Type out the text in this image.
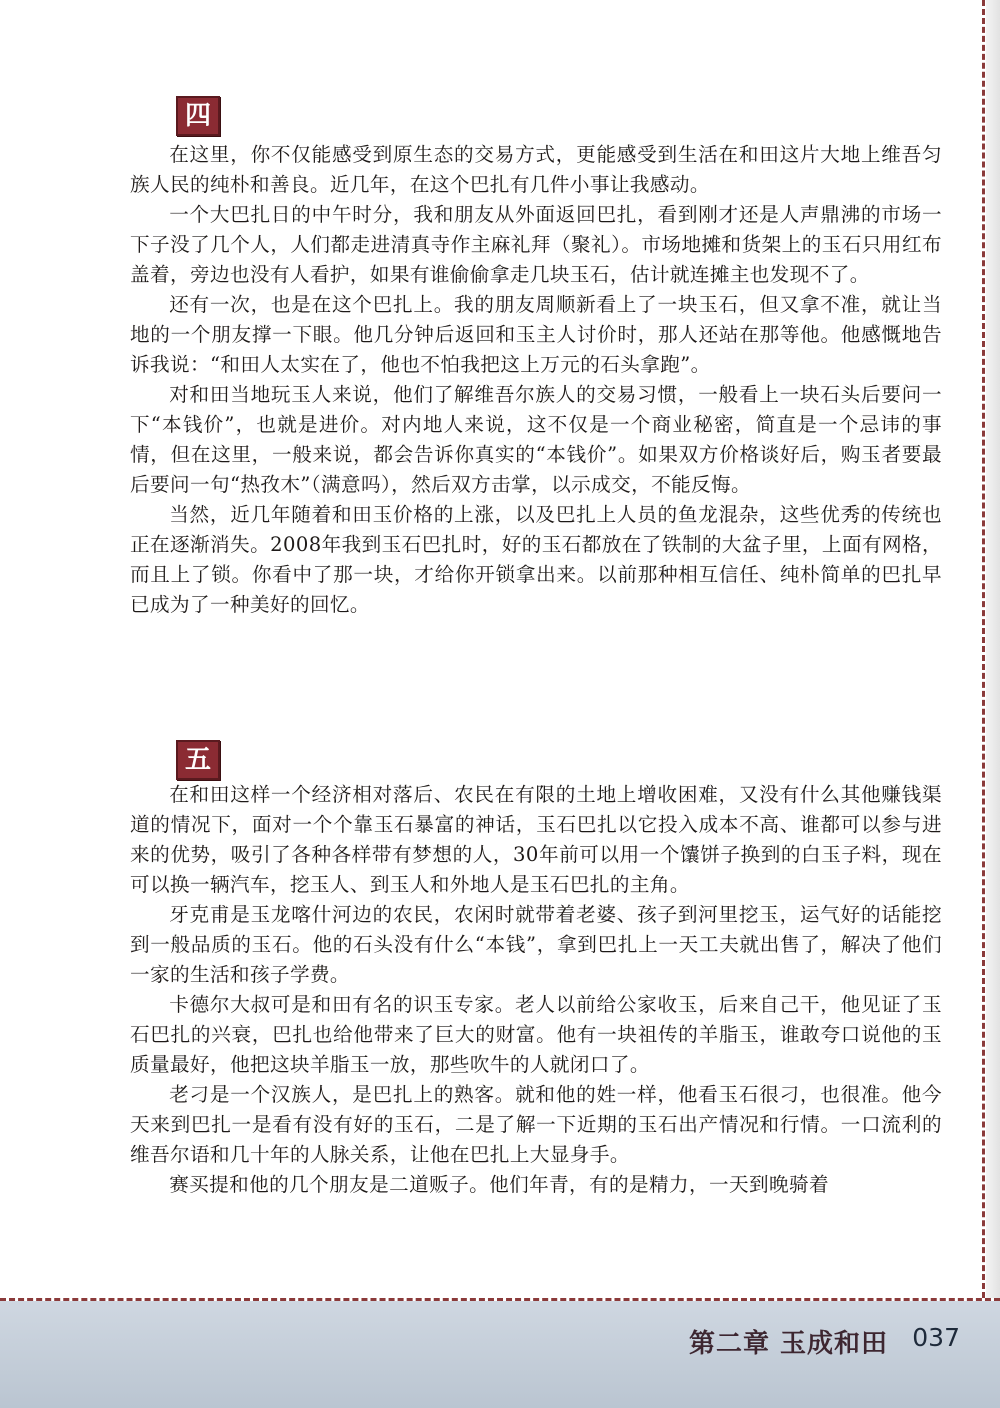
四

在这里，你不仅能感受到原生态的交易方式，更能感受到生活在和田这片大地上维吾匀族人民的纯朴和善良。近几年，在这个巴扎有几件小事让我感动。

一个大巴扎日的中午时分，我和朋友从外面返回巴扎，看到刚才还是人声鼎沸的市场一下子没了几个人，人们都走进清真寺作主麻礼拜（聚礼）。市场地摊和货架上的玉石只用红布盖着，旁边也没有人看护，如果有谁偷偷拿走几块玉石，估计就连摊主也发现不了。

还有一次，也是在这个巴扎上。我的朋友周顺新看上了一块玉石，但又拿不准，就让当地的一个朋友撑一下眼。他几分钟后返回和玉主人讨价时，那人还站在那等他。他感慨地告诉我说：“和田人太实在了，他也不怕我把这上万元的石头拿跑”。

对和田当地玩玉人来说，他们了解维吾尔族人的交易习惯，一般看上一块石头后要问一下“本钱价”，也就是进价。对内地人来说，这不仅是一个商业秘密，简直是一个忌讳的事情，但在这里，一般来说，都会告诉你真实的“本钱价”。如果双方价格谈好后，购玉者要最后要问一句“热孜木”（满意吗），然后双方击掌，以示成交，不能反悔。

当然，近几年随着和田玉价格的上涨，以及巴扎上人员的鱼龙混杂，这些优秀的传统也正在逐渐消失。2008年我到玉石巴扎时，好的玉石都放在了铁制的大盆子里，上面有网格，而且上了锁。你看中了那一块，才给你开锁拿出来。以前那种相互信任、纯朴简单的巴扎早已成为了一种美好的回忆。

五

在和田这样一个经济相对落后、农民在有限的土地上增收困难，又没有什么其他赚钱渠道的情况下，面对一个个靠玉石暴富的神话，玉石巴扎以它投入成本不高、谁都可以参与进来的优势，吸引了各种各样带有梦想的人，30年前可以用一个馕饼子换到的白玉子料，现在可以换一辆汽车，挖玉人、到玉人和外地人是玉石巴扎的主角。

牙克甫是玉龙喀什河边的农民，农闲时就带着老婆、孩子到河里挖玉，运气好的话能挖到一般品质的玉石。他的石头没有什么“本钱”，拿到巴扎上一天工夫就出售了，解决了他们一家的生活和孩子学费。

卡德尔大叔可是和田有名的识玉专家。老人以前给公家收玉，后来自己干，他见证了玉石巴扎的兴衰，巴扎也给他带来了巨大的财富。他有一块祖传的羊脂玉，谁敢夸口说他的玉质量最好，他把这块羊脂玉一放，那些吹牛的人就闭口了。

老刁是一个汉族人，是巴扎上的熟客。就和他的姓一样，他看玉石很刁，也很准。他今天来到巴扎一是看有没有好的玉石，二是了解一下近期的玉石出产情况和行情。一口流利的维吾尔语和几十年的人脉关系，让他在巴扎上大显身手。

赛买提和他的几个朋友是二道贩子。他们年青，有的是精力，一天到晚骑着

第二章 玉成和田 037
